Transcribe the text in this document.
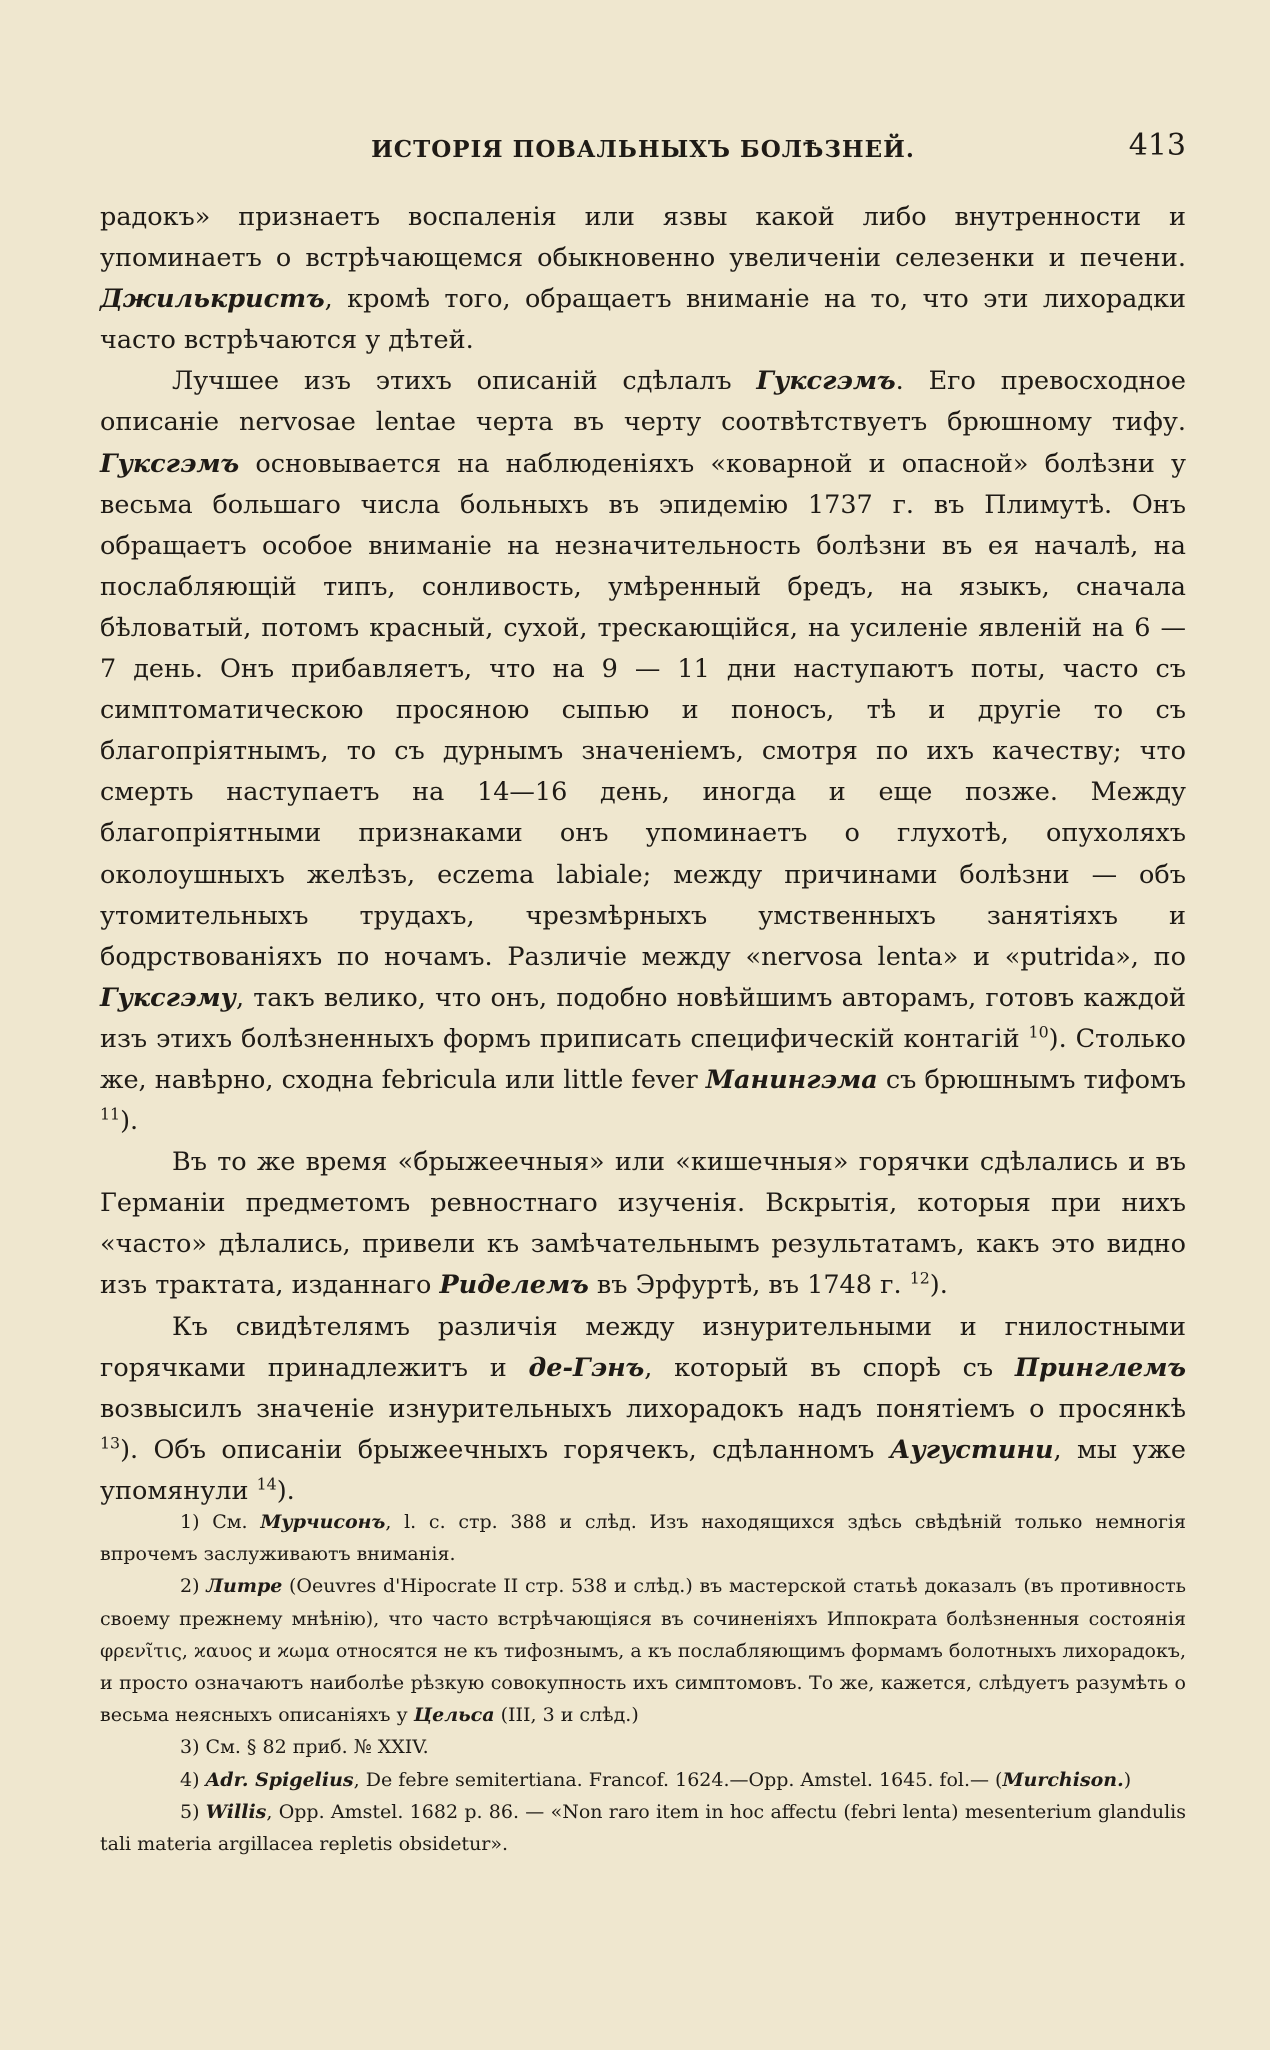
ИСТОРІЯ ПОВАЛЬНЫХЪ БОЛѢЗНЕЙ.	413

радокъ» признаетъ воспаленія или язвы какой либо внутренности и упоминаетъ о встрѣчающемся обыкновенно увеличеніи селезенки и печени. Джилькристъ, кромѣ того, обращаетъ вниманіе на то, что эти лихорадки часто встрѣчаются у дѣтей.

Лучшее изъ этихъ описаній сдѣлалъ Гуксгэмъ. Его превосходное описаніе nervosae lentae черта въ черту соотвѣтствуетъ брюшному тифу. Гуксгэмъ основывается на наблюденіяхъ «коварной и опасной» болѣзни у весьма большаго числа больныхъ въ эпидемію 1737 г. въ Плимутѣ. Онъ обращаетъ особое вниманіе на незначительность болѣзни въ ея началѣ, на послабляющій типъ, сонливость, умѣренный бредъ, на языкъ, сначала бѣловатый, потомъ красный, сухой, трескающійся, на усиленіе явленій на 6 — 7 день. Онъ прибавляетъ, что на 9 — 11 дни наступаютъ поты, часто съ симптоматическою просяною сыпью и поносъ, тѣ и другіе то съ благопріятнымъ, то съ дурнымъ значеніемъ, смотря по ихъ качеству; что смерть наступаетъ на 14—16 день, иногда и еще позже. Между благопріятными признаками онъ упоминаетъ о глухотѣ, опухоляхъ околоушныхъ желѣзъ, eczema labiale; между причинами болѣзни — объ утомительныхъ трудахъ, чрезмѣрныхъ умственныхъ занятіяхъ и бодрствованіяхъ по ночамъ. Различіе между «nervosa lenta» и «putrida», по Гуксгэму, такъ велико, что онъ, подобно новѣйшимъ авторамъ, готовъ каждой изъ этихъ болѣзненныхъ формъ приписать специфическій контагій $^{10}$). Столько же, навѣрно, сходна febricula или little fever Манингэма съ брюшнымъ тифомъ $^{11}$).

Въ то же время «брыжеечныя» или «кишечныя» горячки сдѣлались и въ Германіи предметомъ ревностнаго изученія. Вскрытія, которыя при нихъ «часто» дѣлались, привели къ замѣчательнымъ результатамъ, какъ это видно изъ трактата, изданнаго Риделемъ въ Эрфуртѣ, въ 1748 г. $^{12}$).

Къ свидѣтелямъ различія между изнурительными и гнилостными горячками принадлежитъ и де-Гэнъ, который въ спорѣ съ Принглемъ возвысилъ значеніе изнурительныхъ лихорадокъ надъ понятіемъ о просянкѣ $^{13}$). Объ описаніи брыжеечныхъ горячекъ, сдѣланномъ Аугустини, мы уже упомянули $^{14}$).

1) См. Мурчисонъ, l. c. стр. 388 и слѣд. Изъ находящихся здѣсь свѣдѣній только немногія впрочемъ заслуживаютъ вниманія.

2) Литре (Oeuvres d'Hipocrate II стр. 538 и слѣд.) въ мастерской статьѣ доказалъ (въ противность своему прежнему мнѣнію), что часто встрѣчающіяся въ сочиненіяхъ Иппократа болѣзненныя состоянія φρενῖτις, ϰαυος и ϰωμα относятся не къ тифознымъ, а къ послабляющимъ формамъ болотныхъ лихорадокъ, и просто означаютъ наиболѣе рѣзкую совокупность ихъ симптомовъ. То же, кажется, слѣдуетъ разумѣть о весьма неясныхъ описаніяхъ у Цельса (III, 3 и слѣд.)

3) См. § 82 приб. № XXIV.

4) Adr. Spigelius, De febre semitertiana. Francof. 1624.—Opp. Amstel. 1645. fol.— (Murchison.)

5) Willis, Opp. Amstel. 1682 p. 86. — «Non raro item in hoc affectu (febri lenta) mesenterium glandulis tali materia argillacea repletis obsidetur».
